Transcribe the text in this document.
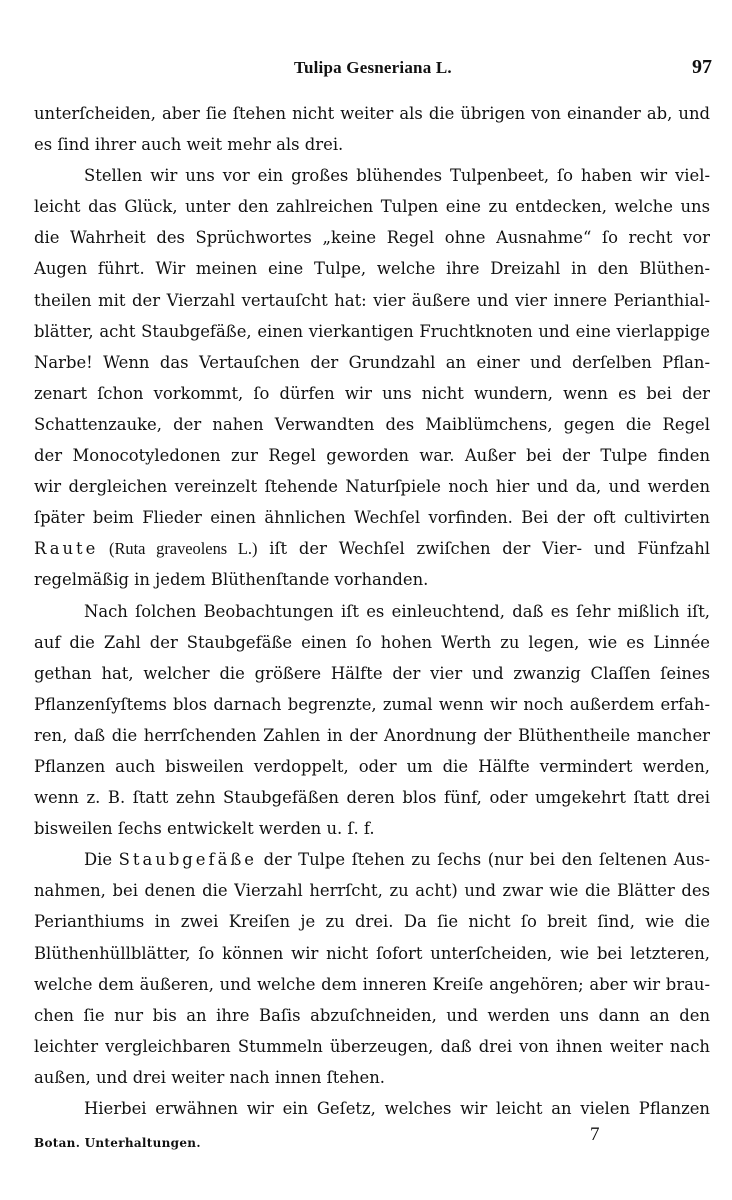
Tulipa Gesneriana L.	97
unterſcheiden, aber ſie ſtehen nicht weiter als die übrigen von einander ab, und
es ſind ihrer auch weit mehr als drei.
Stellen wir uns vor ein großes blühendes Tulpenbeet, ſo haben wir viel-
leicht das Glück, unter den zahlreichen Tulpen eine zu entdecken, welche uns
die Wahrheit des Sprüchwortes „keine Regel ohne Ausnahme“ ſo recht vor
Augen führt. Wir meinen eine Tulpe, welche ihre Dreizahl in den Blüthen-
theilen mit der Vierzahl vertauſcht hat: vier äußere und vier innere Perianthial-
blätter, acht Staubgefäße, einen vierkantigen Fruchtknoten und eine vierlappige
Narbe! Wenn das Vertauſchen der Grundzahl an einer und derſelben Pflan-
zenart ſchon vorkommt, ſo dürfen wir uns nicht wundern, wenn es bei der
Schattenzauke, der nahen Verwandten des Maiblümchens, gegen die Regel
der Monocotyledonen zur Regel geworden war. Außer bei der Tulpe finden
wir dergleichen vereinzelt ſtehende Naturſpiele noch hier und da, und werden
ſpäter beim Flieder einen ähnlichen Wechſel vorfinden. Bei der oft cultivirten
Raute (Ruta graveolens L.) iſt der Wechſel zwiſchen der Vier- und Fünfzahl
regelmäßig in jedem Blüthenſtande vorhanden.
Nach ſolchen Beobachtungen iſt es einleuchtend, daß es ſehr mißlich iſt,
auf die Zahl der Staubgefäße einen ſo hohen Werth zu legen, wie es Linnée
gethan hat, welcher die größere Hälfte der vier und zwanzig Claſſen ſeines
Pflanzenſyſtems blos darnach begrenzte, zumal wenn wir noch außerdem erfah-
ren, daß die herrſchenden Zahlen in der Anordnung der Blüthentheile mancher
Pflanzen auch bisweilen verdoppelt, oder um die Hälfte vermindert werden,
wenn z. B. ſtatt zehn Staubgefäßen deren blos fünf, oder umgekehrt ſtatt drei
bisweilen ſechs entwickelt werden u. ſ. f.
Die Staubgefäße der Tulpe ſtehen zu ſechs (nur bei den ſeltenen Aus-
nahmen, bei denen die Vierzahl herrſcht, zu acht) und zwar wie die Blätter des
Perianthiums in zwei Kreiſen je zu drei. Da ſie nicht ſo breit ſind, wie die
Blüthenhüllblätter, ſo können wir nicht ſofort unterſcheiden, wie bei letzteren,
welche dem äußeren, und welche dem inneren Kreiſe angehören; aber wir brau-
chen ſie nur bis an ihre Baſis abzuſchneiden, und werden uns dann an den
leichter vergleichbaren Stummeln überzeugen, daß drei von ihnen weiter nach
außen, und drei weiter nach innen ſtehen.
Hierbei erwähnen wir ein Geſetz, welches wir leicht an vielen Pflanzen
Botan. Unterhaltungen.	7
